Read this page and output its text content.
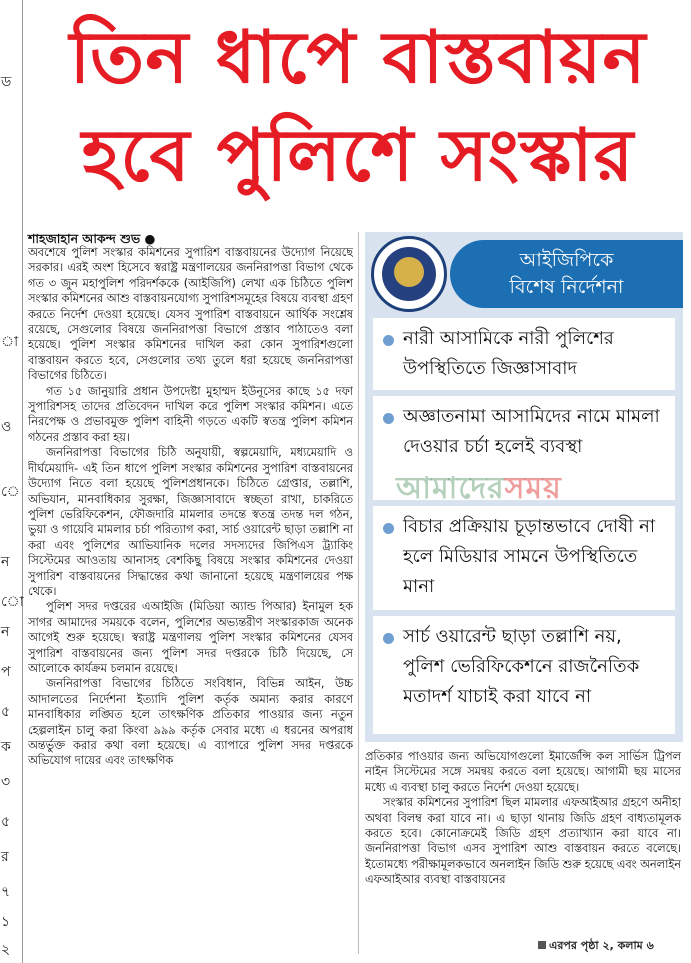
ড
া
ও
ে
ন
ো
ন
প
৫
ক
৩
৫
র
৭
১
২
তিন ধাপে বাস্তবায়ন
হবে পুলিশে সংস্কার
শাহজাহান আকন্দ শুভ ●

অবশেষে পুলিশ সংস্কার কমিশনের সুপারিশ বাস্তবায়নের উদ্যোগ নিয়েছে সরকার। এরই অংশ হিসেবে স্বরাষ্ট্র মন্ত্রণালয়ের জননিরাপত্তা বিভাগ থেকে গত ৩ জুন মহাপুলিশ পরিদর্শককে (আইজিপি) লেখা এক চিঠিতে পুলিশ সংস্কার কমিশনের আশু বাস্তবায়নযোগ্য সুপারিশসমূহের বিষয়ে ব্যবস্থা গ্রহণ করতে নির্দেশ দেওয়া হয়েছে। যেসব সুপারিশ বাস্তবায়নে আর্থিক সংশ্লেষ রয়েছে, সেগুলোর বিষয়ে জননিরাপত্তা বিভাগে প্রস্তাব পাঠাতেও বলা হয়েছে। পুলিশ সংস্কার কমিশনের দাখিল করা কোন সুপারিশগুলো বাস্তবায়ন করতে হবে, সেগুলোর তথ্য তুলে ধরা হয়েছে জননিরাপত্তা বিভাগের চিঠিতে।

গত ১৫ জানুয়ারি প্রধান উপদেষ্টা মুহাম্মদ ইউনূসের কাছে ১৫ দফা সুপারিশসহ তাদের প্রতিবেদন দাখিল করে পুলিশ সংস্কার কমিশন। এতে নিরপেক্ষ ও প্রভাবমুক্ত পুলিশ বাহিনী গড়তে একটি স্বতন্ত্র পুলিশ কমিশন গঠনের প্রস্তাব করা হয়।

জননিরাপত্তা বিভাগের চিঠি অনুযায়ী, স্বল্পমেয়াদি, মধ্যমেয়াদি ও দীর্ঘমেয়াদি- এই তিন ধাপে পুলিশ সংস্কার কমিশনের সুপারিশ বাস্তবায়নের উদ্যোগ নিতে বলা হয়েছে পুলিশপ্রধানকে। চিঠিতে গ্রেপ্তার, তল্লাশি, অভিযান, মানবাধিকার সুরক্ষা, জিজ্ঞাসাবাদে স্বচ্ছতা রাখা, চাকরিতে পুলিশ ভেরিফিকেশন, ফৌজদারি মামলার তদন্তে স্বতন্ত্র তদন্ত দল গঠন, ভুয়া ও গায়েবি মামলার চর্চা পরিত্যাগ করা, সার্চ ওয়ারেন্ট ছাড়া তল্লাশি না করা এবং পুলিশের আভিযানিক দলের সদস্যদের জিপিএস ট্র্যাকিং সিস্টেমের আওতায় আনাসহ বেশকিছু বিষয়ে সংস্কার কমিশনের দেওয়া সুপারিশ বাস্তবায়নের সিদ্ধান্তের কথা জানানো হয়েছে মন্ত্রণালয়ের পক্ষ থেকে।

পুলিশ সদর দপ্তরের এআইজি (মিডিয়া অ্যান্ড পিআর) ইনামুল হক সাগর আমাদের সময়কে বলেন, পুলিশের অভ্যন্তরীণ সংস্কারকাজ অনেক আগেই শুরু হয়েছে। স্বরাষ্ট্র মন্ত্রণালয় পুলিশ সংস্কার কমিশনের যেসব সুপারিশ বাস্তবায়নের জন্য পুলিশ সদর দপ্তরকে চিঠি দিয়েছে, সে আলোকে কার্যক্রম চলমান রয়েছে।

জননিরাপত্তা বিভাগের চিঠিতে সংবিধান, বিভিন্ন আইন, উচ্চ আদালতের নির্দেশনা ইত্যাদি পুলিশ কর্তৃক অমান্য করার কারণে মানবাধিকার লঙ্ঘিত হলে তাৎক্ষণিক প্রতিকার পাওয়ার জন্য নতুন হেল্পলাইন চালু করা কিংবা ৯৯৯ কর্তৃক সেবার মধ্যে এ ধরনের অপরাধ অন্তর্ভুক্ত করার কথা বলা হয়েছে। এ ব্যাপারে পুলিশ সদর দপ্তরকে অভিযোগ দায়ের এবং তাৎক্ষণিক

আইজিপিকে
বিশেষ নির্দেশনা
নারী আসামিকে নারী পুলিশের উপস্থিতিতে জিজ্ঞাসাবাদ
অজ্ঞাতনামা আসামিদের নামে মামলা দেওয়ার চর্চা হলেই ব্যবস্থা
বিচার প্রক্রিয়ায় চূড়ান্তভাবে দোষী না হলে মিডিয়ার সামনে উপস্থিতিতে মানা
সার্চ ওয়ারেন্ট ছাড়া তল্লাশি নয়, পুলিশ ভেরিফিকেশনে রাজনৈতিক মতাদর্শ যাচাই করা যাবে না
আমাদেরসময়

প্রতিকার পাওয়ার জন্য অভিযোগগুলো ইমার্জেন্সি কল সার্ভিস ট্রিপল নাইন সিস্টেমের সঙ্গে সমন্বয় করতে বলা হয়েছে। আগামী ছয় মাসের মধ্যে এ ব্যবস্থা চালু করতে নির্দেশ দেওয়া হয়েছে।

সংস্কার কমিশনের সুপারিশ ছিল মামলার এফআইআর গ্রহণে অনীহা অথবা বিলম্ব করা যাবে না। এ ছাড়া থানায় জিডি গ্রহণ বাধ্যতামূলক করতে হবে। কোনোক্রমেই জিডি গ্রহণ প্রত্যাখ্যান করা যাবে না। জননিরাপত্তা বিভাগ এসব সুপারিশ আশু বাস্তবায়ন করতে বলেছে। ইতোমধ্যে পরীক্ষামূলকভাবে অনলাইন জিডি শুরু হয়েছে এবং অনলাইন এফআইআর ব্যবস্থা বাস্তবায়নের

এরপর পৃষ্ঠা ২, কলাম ৬
